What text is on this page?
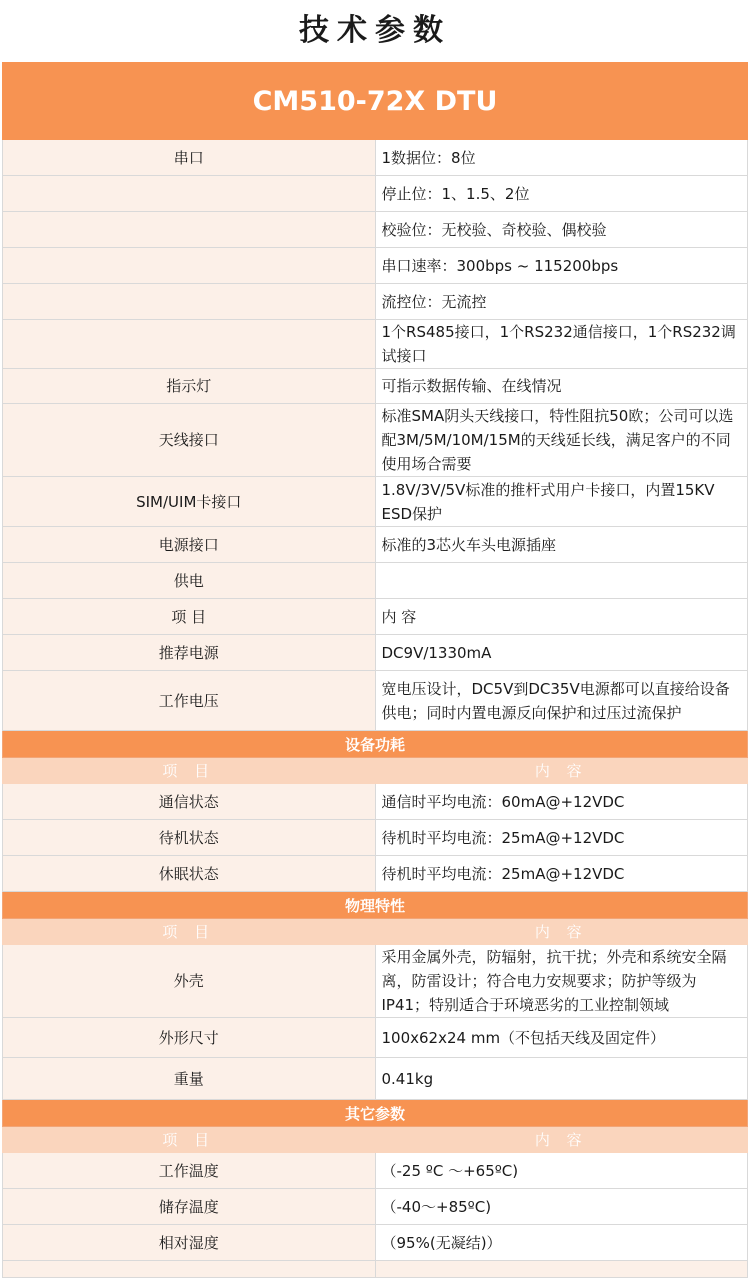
技术参数
CM510-72X DTU	
串口	1数据位：8位
	停止位：1、1.5、2位
	校验位：无校验、奇校验、偶校验
	串口速率：300bps ~ 115200bps
	流控位：无流控
	1个RS485接口，1个RS232通信接口，1个RS232调试接口
指示灯	可指示数据传输、在线情况
天线接口	标准SMA阴头天线接口，特性阻抗50欧；公司可以选配3M/5M/10M/15M的天线延长线，满足客户的不同使用场合需要
SIM/UIM卡接口	1.8V/3V/5V标准的推杆式用户卡接口，内置15KV ESD保护
电源接口	标准的3芯火车头电源插座
供电	
项 目	内 容
推荐电源	DC9V/1330mA
工作电压	宽电压设计，DC5V到DC35V电源都可以直接给设备供电；同时内置电源反向保护和过压过流保护
设备功耗	
项 目	内 容
通信状态	通信时平均电流：60mA@+12VDC
待机状态	待机时平均电流：25mA@+12VDC
休眠状态	待机时平均电流：25mA@+12VDC
物理特性	
项 目	内 容
外壳	采用金属外壳，防辐射，抗干扰；外壳和系统安全隔离，防雷设计；符合电力安规要求；防护等级为IP41；特别适合于环境恶劣的工业控制领域
外形尺寸	100x62x24 mm（不包括天线及固定件）
重量	0.41kg
其它参数	
项 目	内 容
工作温度	（-25 ºC ～+65ºC)
储存温度	（-40～+85ºC)
相对湿度	（95%(无凝结)）
